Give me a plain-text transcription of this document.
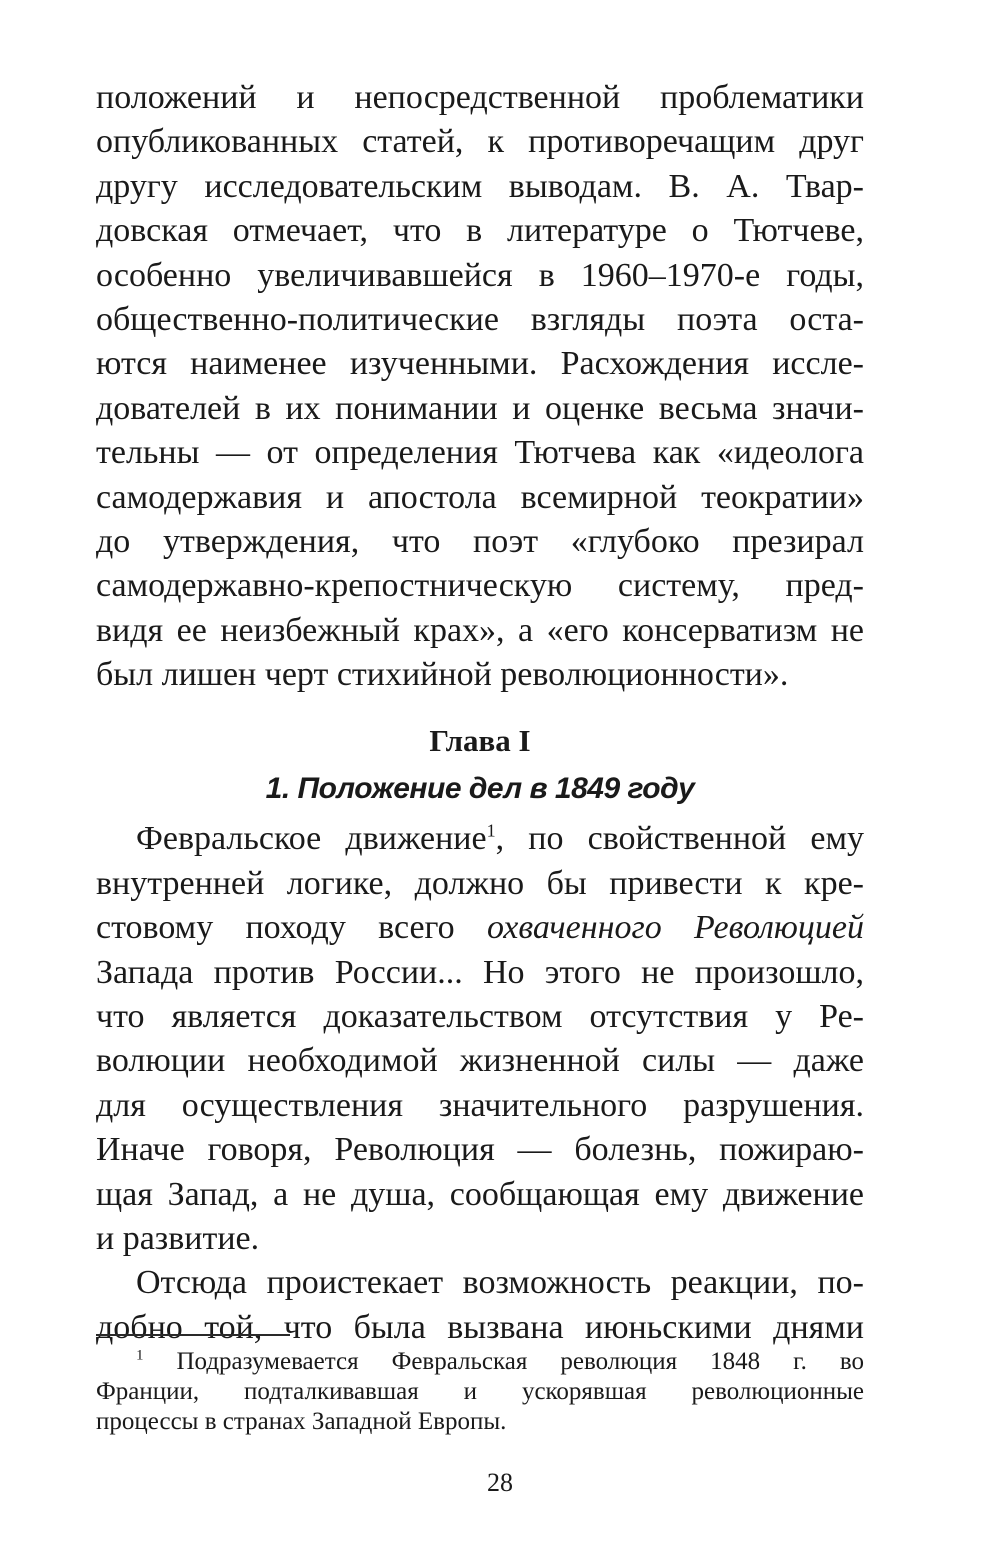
положений и непосредственной проблематики
опубликованных статей, к противоречащим друг
другу исследовательским выводам. В. А. Твар-
довская отмечает, что в литературе о Тютчеве,
особенно увеличивавшейся в 1960–1970-е годы,
общественно-политические взгляды поэта оста-
ются наименее изученными. Расхождения иссле-
дователей в их понимании и оценке весьма значи-
тельны — от определения Тютчева как «идеолога
самодержавия и апостола всемирной теократии»
до утверждения, что поэт «глубоко презирал
самодержавно-крепостническую систему, пред-
видя ее неизбежный крах», а «его консерватизм не
был лишен черт стихийной революционности».
Глава I
1. Положение дел в 1849 году
Февральское движение$^1$, по свойственной ему
внутренней логике, должно бы привести к кре-
стовому походу всего охваченного Революцией
Запада против России... Но этого не произошло,
что является доказательством отсутствия у Ре-
волюции необходимой жизненной силы — даже
для осуществления значительного разрушения.
Иначе говоря, Революция — болезнь, пожираю-
щая Запад, а не душа, сообщающая ему движение
и развитие.
Отсюда проистекает возможность реакции, по-
добно той, что была вызвана июньскими днями
$^1$ Подразумевается Февральская революция 1848 г. во
Франции, подталкивавшая и ускорявшая революционные
процессы в странах Западной Европы.
28
